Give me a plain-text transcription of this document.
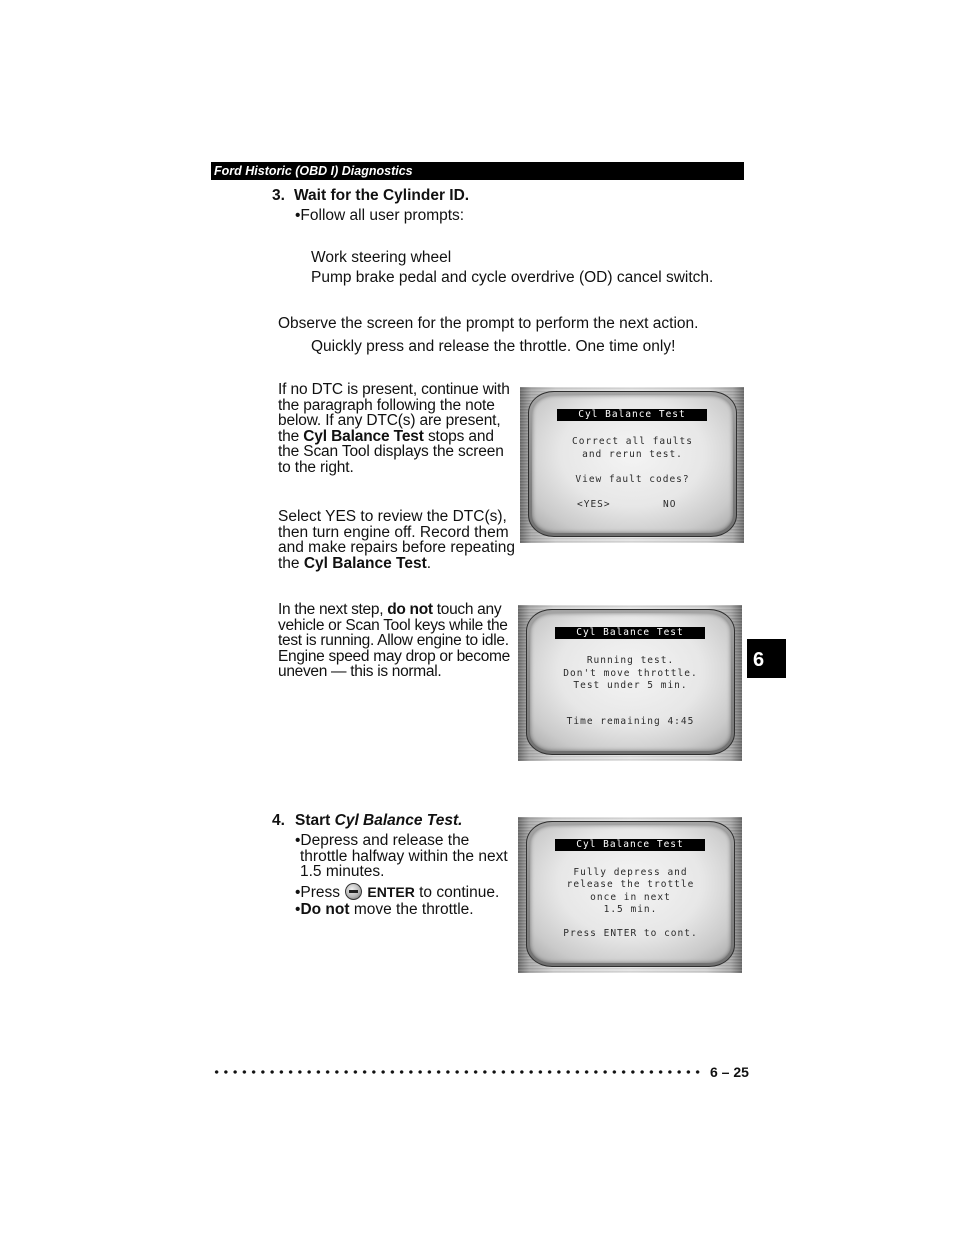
Ford Historic (OBD I) Diagnostics
3. Wait for the Cylinder ID.
•Follow all user prompts:
Work steering wheel
Pump brake pedal and cycle overdrive (OD) cancel switch.
Observe the screen for the prompt to perform the next action.
Quickly press and release the throttle. One time only!
If no DTC is present, continue with
the paragraph following the note
below. If any DTC(s) are present,
the Cyl Balance Test stops and
the Scan Tool displays the screen
to the right.
Select YES to review the DTC(s),
then turn engine off. Record them
and make repairs before repeating
the Cyl Balance Test.
In the next step, do not touch any
vehicle or Scan Tool keys while the
test is running. Allow engine to idle.
Engine speed may drop or become
uneven — this is normal.
Cyl Balance Test
Correct all faults
and rerun test.
View fault codes?
<YES>	NO
Cyl Balance Test
Running test.
Don't move throttle.
Test under 5 min.
Time remaining 4:45
6
4. Start Cyl Balance Test.
•Depress and release the
throttle halfway within the next
1.5 minutes.
•Press
ENTER to continue.
•Do not move the throttle.
Cyl Balance Test
Fully depress and
release the trottle
once in next
1.5 min.
Press ENTER to cont.
6 – 25
